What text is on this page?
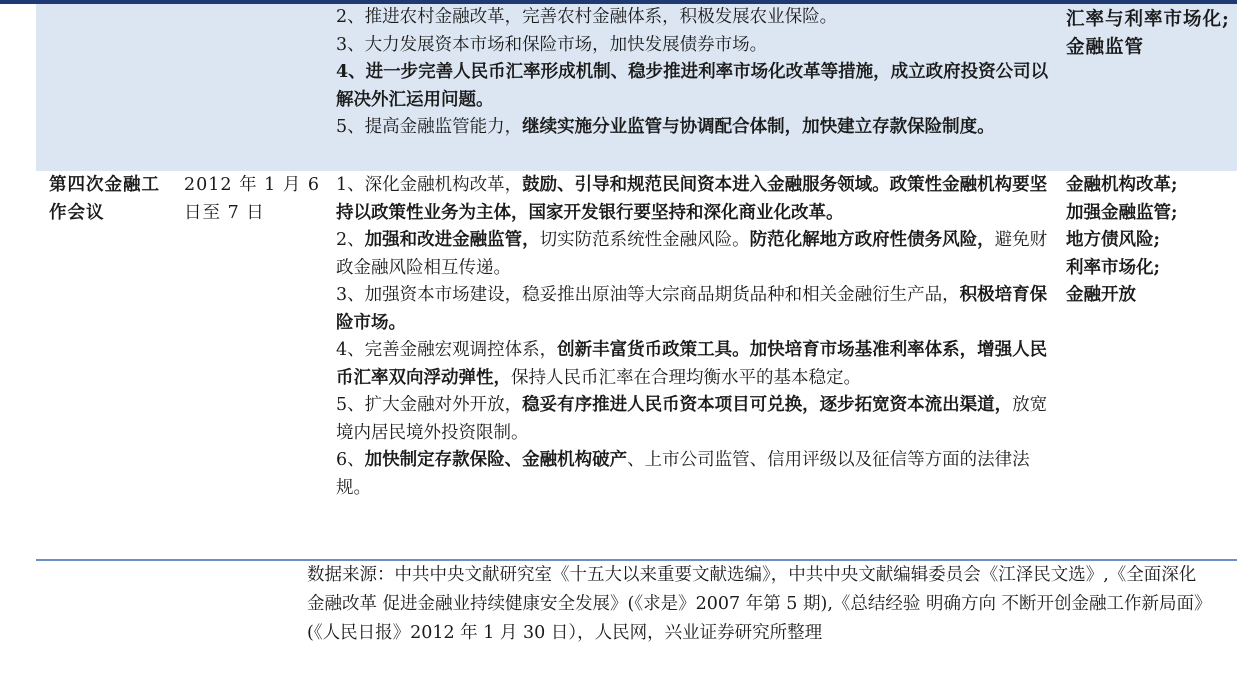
2、推进农村金融改革，完善农村金融体系，积极发展农业保险。

3、大力发展资本市场和保险市场，加快发展债券市场。

4、进一步完善人民币汇率形成机制、稳步推进利率市场化改革等措施，成立政府投资公司以解决外汇运用问题。

5、提高金融监管能力，继续实施分业监管与协调配合体制，加快建立存款保险制度。

汇率与利率市场化;
金融监管
第四次金融工作会议
2012 年 1 月 6 日至 7 日

1、深化金融机构改革，鼓励、引导和规范民间资本进入金融服务领域。政策性金融机构要坚持以政策性业务为主体，国家开发银行要坚持和深化商业化改革。

2、加强和改进金融监管，切实防范系统性金融风险。防范化解地方政府性债务风险，避免财政金融风险相互传递。

3、加强资本市场建设，稳妥推出原油等大宗商品期货品种和相关金融衍生产品，积极培育保险市场。

4、完善金融宏观调控体系，创新丰富货币政策工具。加快培育市场基准利率体系，增强人民币汇率双向浮动弹性，保持人民币汇率在合理均衡水平的基本稳定。

5、扩大金融对外开放，稳妥有序推进人民币资本项目可兑换，逐步拓宽资本流出渠道，放宽境内居民境外投资限制。

6、加快制定存款保险、金融机构破产、上市公司监管、信用评级以及征信等方面的法律法规。

金融机构改革;
加强金融监管;
地方债风险;
利率市场化;
金融开放
数据来源：中共中央文献研究室《十五大以来重要文献选编》，中共中央文献编辑委员会《江泽民文选》,《全面深化金融改革 促进金融业持续健康安全发展》(《求是》2007 年第 5 期),《总结经验 明确方向 不断开创金融工作新局面》(《人民日报》2012 年 1 月 30 日），人民网，兴业证券研究所整理
